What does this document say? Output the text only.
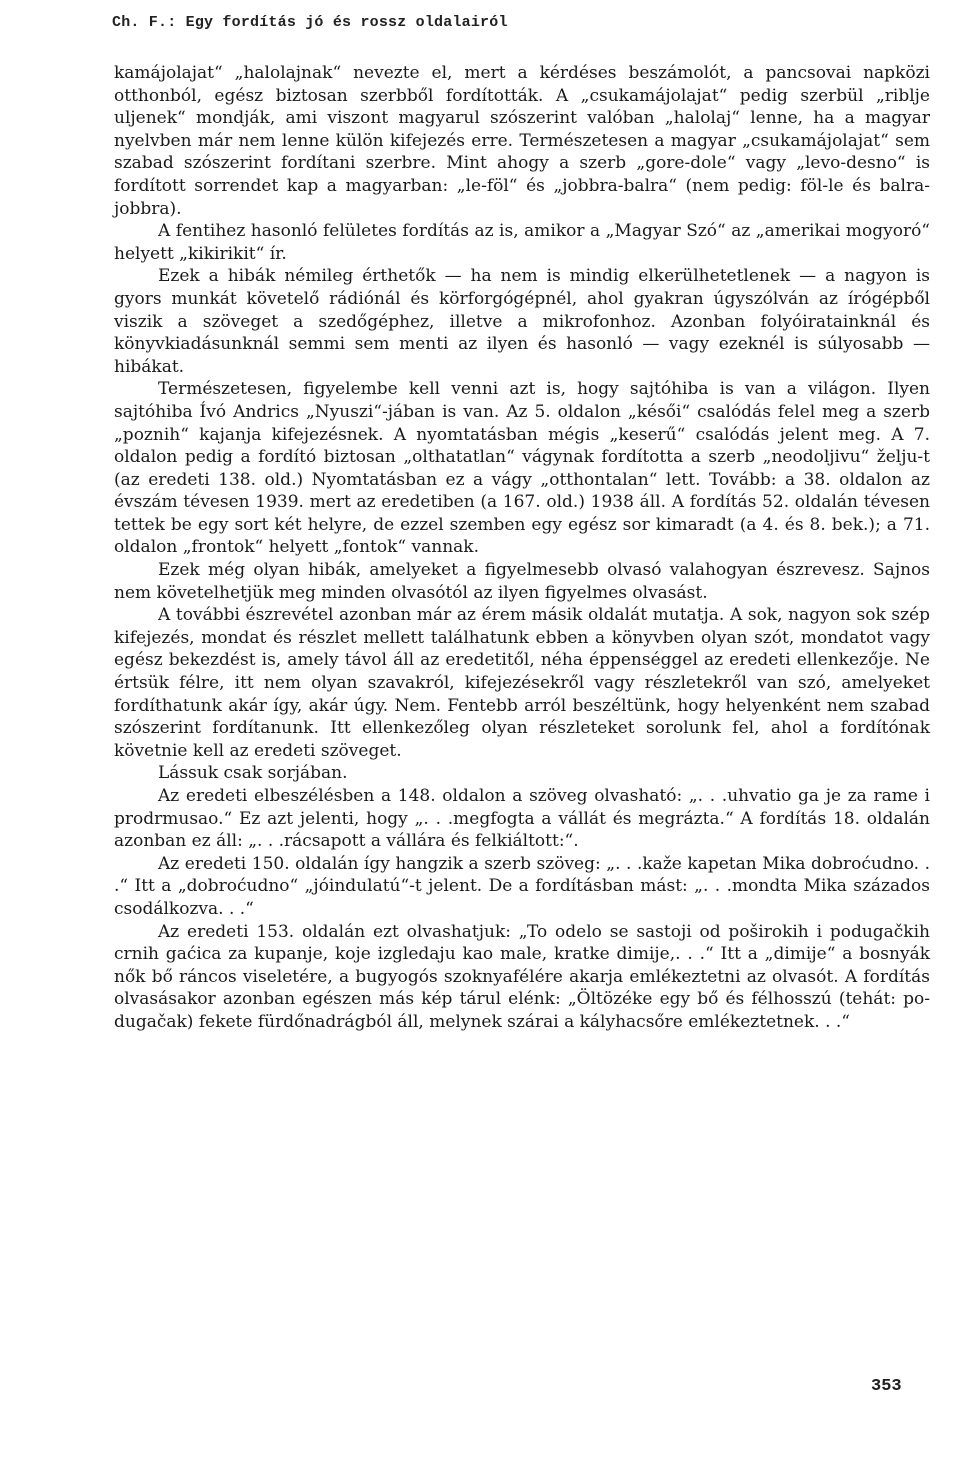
Ch. F.: Egy fordítás jó és rossz oldalairól

kamájolajat“ „halolajnak“ nevezte el, mert a kérdéses beszámolót, a pancsovai napközi otthonból, egész biztosan szerbből fordították. A „csukamájolajat“ pedig szerbül „riblje uljenek“ mondják, ami viszont magyarul szószerint valóban „halolaj“ lenne, ha a magyar nyelvben már nem lenne külön kifejezés erre. Természetesen a magyar „csukamájolajat“ sem szabad szószerint fordítani szerbre. Mint ahogy a szerb „gore-dole“ vagy „levo-desno“ is fordított sorrendet kap a magyarban: „le-föl“ és „jobbra-balra“ (nem pedig: föl-le és balra-jobbra).

A fentihez hasonló felületes fordítás az is, amikor a „Magyar Szó“ az „amerikai mogyoró“ helyett „kikirikit“ ír.

Ezek a hibák némileg érthetők — ha nem is mindig elkerülhetetlenek — a nagyon is gyors munkát követelő rádiónál és körforgógépnél, ahol gyakran úgyszólván az írógépből viszik a szöveget a szedőgéphez, illetve a mikrofonhoz. Azonban folyóiratainknál és könyvkiadásunknál semmi sem menti az ilyen és hasonló — vagy ezeknél is súlyosabb — hibákat.

Természetesen, figyelembe kell venni azt is, hogy sajtóhiba is van a világon. Ilyen sajtóhiba Ívó Andrics „Nyuszi“-jában is van. Az 5. oldalon „késői“ csalódás felel meg a szerb „poznih“ kajanja kifejezésnek. A nyomtatásban mégis „keserű“ csalódás jelent meg. A 7. oldalon pedig a fordító biztosan „olthatatlan“ vágynak fordította a szerb „neodoljivu“ želju-t (az eredeti 138. old.) Nyomtatásban ez a vágy „otthontalan“ lett. Tovább: a 38. oldalon az évszám tévesen 1939. mert az eredetiben (a 167. old.) 1938 áll. A fordítás 52. oldalán tévesen tettek be egy sort két helyre, de ezzel szemben egy egész sor kimaradt (a 4. és 8. bek.); a 71. oldalon „frontok“ helyett „fontok“ vannak.

Ezek még olyan hibák, amelyeket a figyelmesebb olvasó valahogyan észrevesz. Sajnos nem követelhetjük meg minden olvasótól az ilyen figyelmes olvasást.

A további észrevétel azonban már az érem másik oldalát mutatja. A sok, nagyon sok szép kifejezés, mondat és részlet mellett találhatunk ebben a könyvben olyan szót, mondatot vagy egész bekezdést is, amely távol áll az eredetitől, néha éppenséggel az eredeti ellenkezője. Ne értsük félre, itt nem olyan szavakról, kifejezésekről vagy részletekről van szó, amelyeket fordíthatunk akár így, akár úgy. Nem. Fentebb arról beszéltünk, hogy helyenként nem szabad szószerint fordítanunk. Itt ellenkezőleg olyan részleteket sorolunk fel, ahol a fordítónak követnie kell az eredeti szöveget.

Lássuk csak sorjában.

Az eredeti elbeszélésben a 148. oldalon a szöveg olvasható: „. . .uhvatio ga je za rame i prodrmusao.“ Ez azt jelenti, hogy „. . .megfogta a vállát és megrázta.“ A fordítás 18. oldalán azonban ez áll: „. . .rácsapott a vállára és felkiáltott:“.

Az eredeti 150. oldalán így hangzik a szerb szöveg: „. . .kaže kapetan Mika dobroćudno. . .“ Itt a „dobroćudno“ „jóindulatú“-t jelent. De a fordításban mást: „. . .mondta Mika százados csodálkozva. . .“

Az eredeti 153. oldalán ezt olvashatjuk: „To odelo se sastoji od poširokih i podugačkih crnih gaćica za kupanje, koje izgledaju kao male, kratke dimije,. . .“ Itt a „dimije“ a bosnyák nők bő ráncos viseletére, a bugyogós szoknyafélére akarja emlékeztetni az olvasót. A fordítás olvasásakor azonban egészen más kép tárul elénk: „Öltözéke egy bő és félhosszú (tehát: po-dugačak) fekete fürdőnadrágból áll, melynek szárai a kályhacsőre emlékeztetnek. . .“

353
